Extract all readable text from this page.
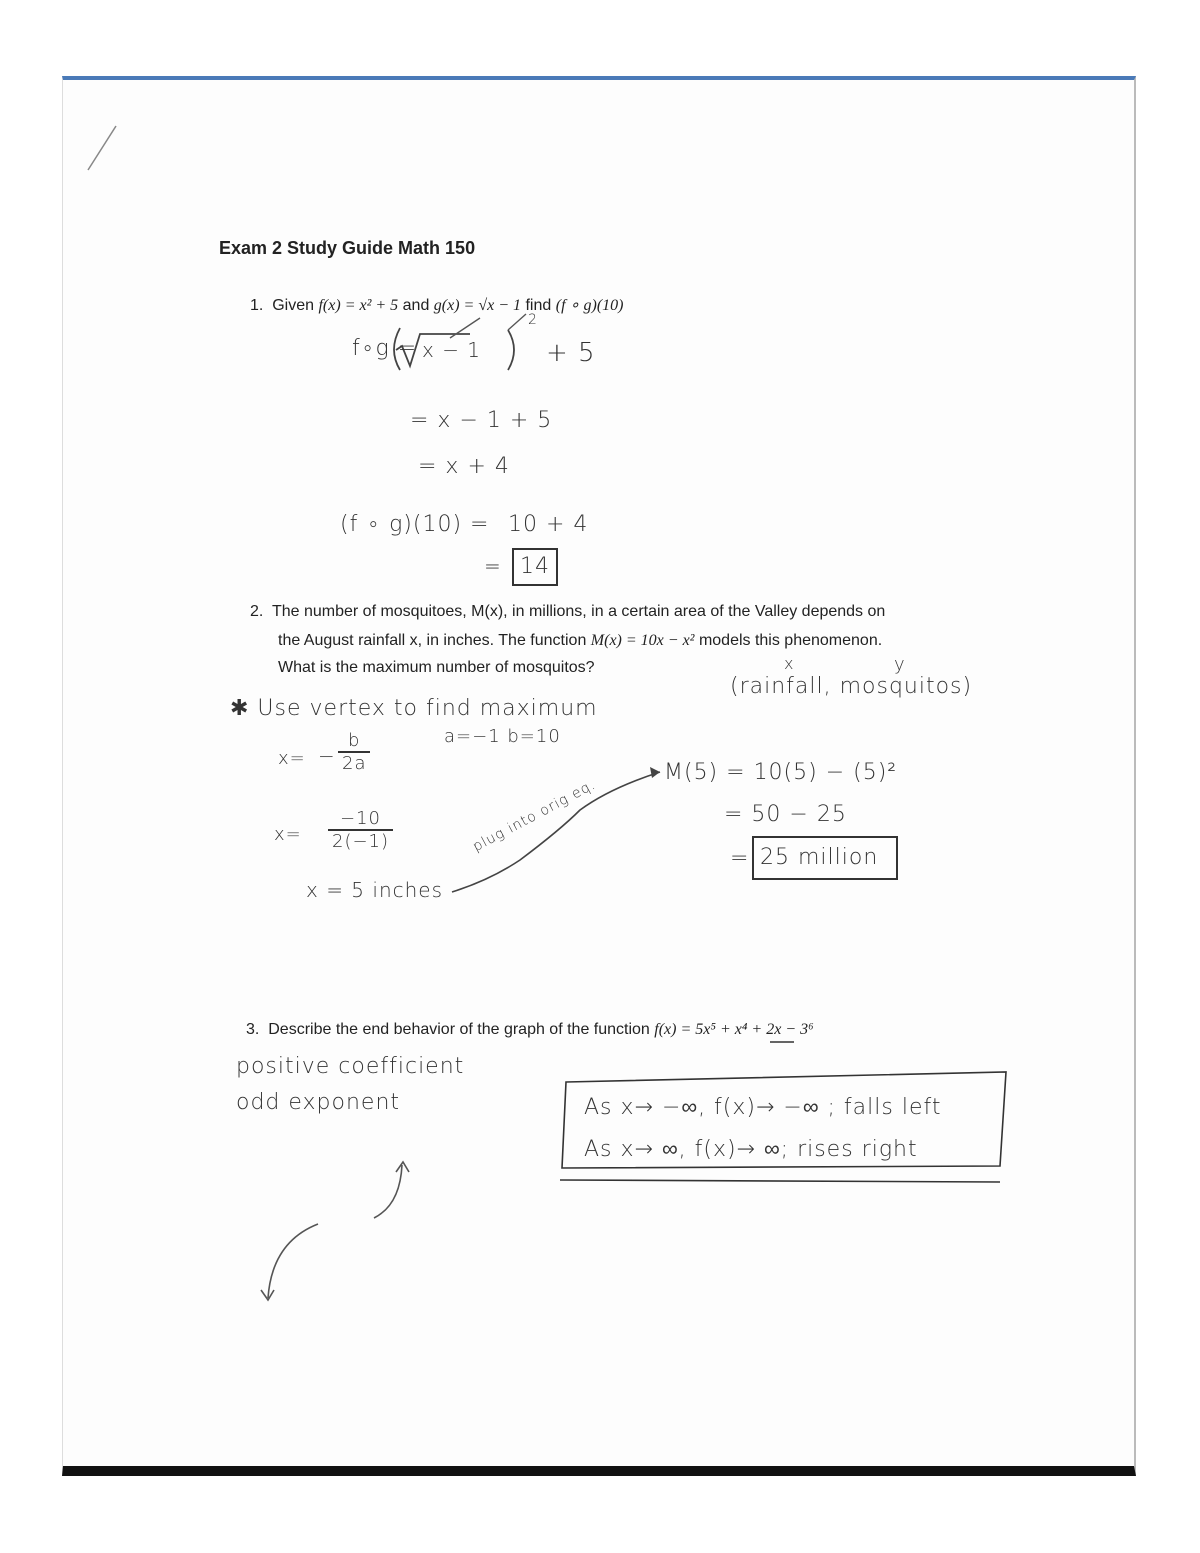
Exam 2 Study Guide Math 150
1. Given f(x) = x² + 5 and g(x) = √x − 1 find (f ∘ g)(10)
f∘g = x − 1 + 5
2
= x − 1 + 5
= x + 4
(f ∘ g)(10) = 10 + 4
= 14
2. The number of mosquitoes, M(x), in millions, in a certain area of the Valley depends on
the August rainfall x, in inches. The function M(x) = 10x − x² models this phenomenon.
What is the maximum number of mosquitos?	x	y
(rainfall, mosquitos)
✱ Use vertex to find maximum
a=−1 b=10
$x= - \frac{b}{2a}$
$x= \frac{-10}{2(-1)}$
x = 5 inches
plug into orig eq.
M(5) = 10(5) − (5)²
= 50 − 25
= 25 million
3. Describe the end behavior of the graph of the function f(x) = 5x⁵ + x⁴ + 2x − 3⁶
positive coefficient
odd exponent	As x→ −∞, f(x)→ −∞ ; falls left
As x→ ∞, f(x)→ ∞; rises right
